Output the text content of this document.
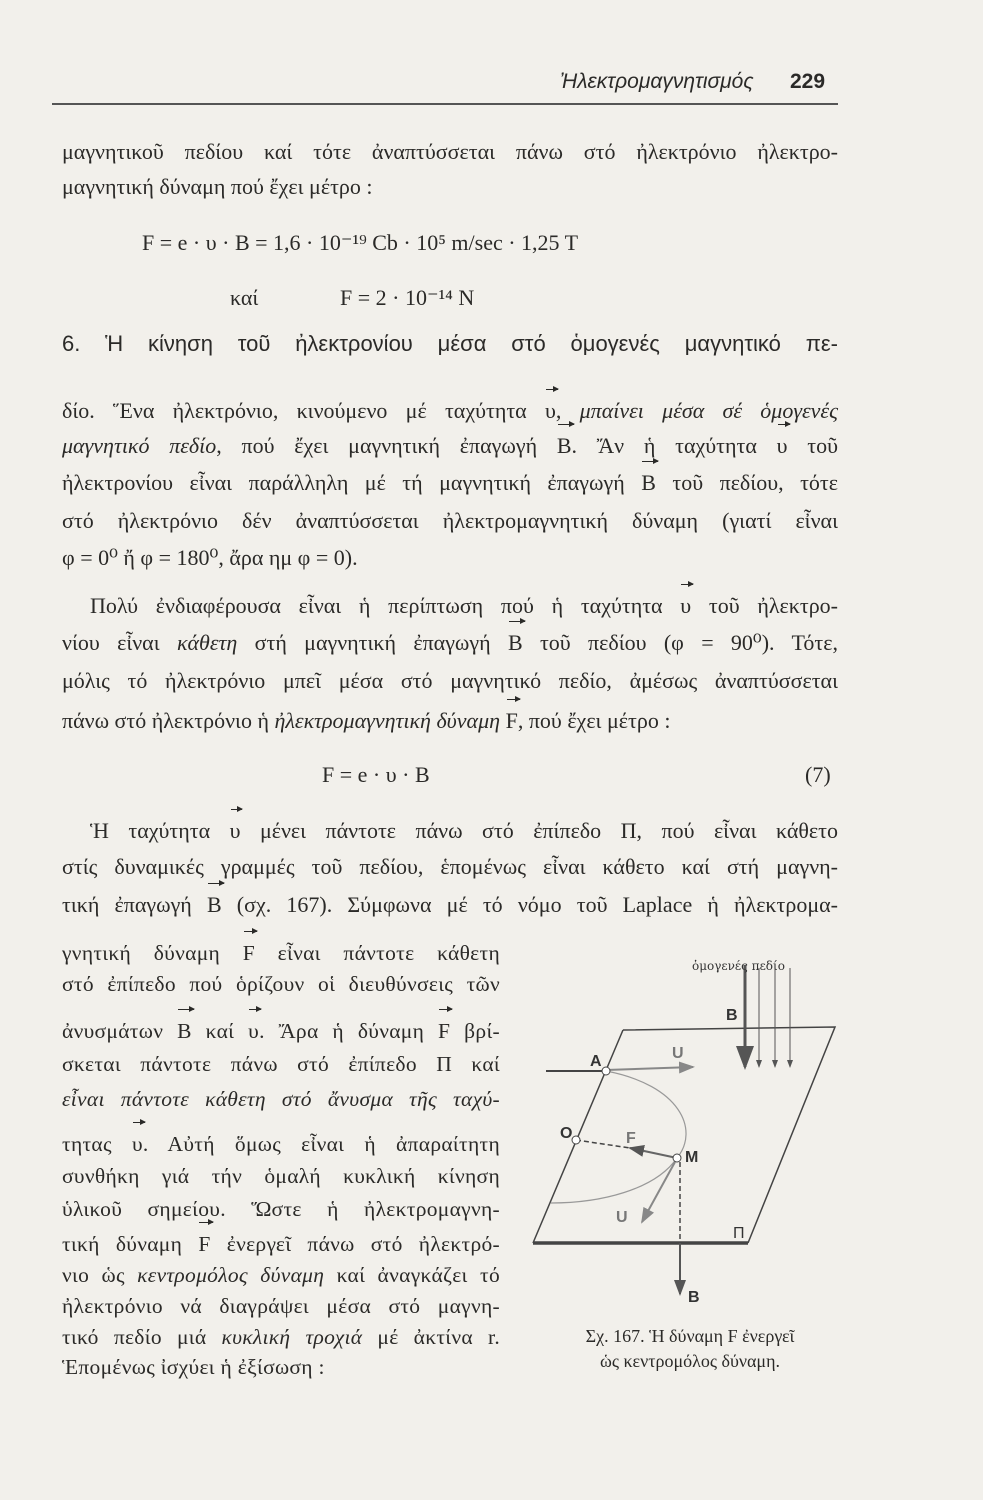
Ἠλεκτρομαγνητισμός 229
μαγνητικοῦ πεδίου καί τότε ἀναπτύσσεται πάνω στό ἠλεκτρόνιο ἠλεκτρο-
μαγνητική δύναμη πού ἔχει μέτρο :
6. Ἡ κίνηση τοῦ ἠλεκτρονίου μέσα στό ὁμογενές μαγνητικό πε-
δίο. Ἕνα ἠλεκτρόνιο, κινούμενο μέ ταχύτητα υ, μπαίνει μέσα σέ ὁμογενές
μαγνητικό πεδίο, πού ἔχει μαγνητική ἐπαγωγή B. Ἄν ἡ ταχύτητα υ τοῦ
ἠλεκτρονίου εἶναι παράλληλη μέ τή μαγνητική ἐπαγωγή B τοῦ πεδίου, τότε
στό ἠλεκτρόνιο δέν ἀναπτύσσεται ἠλεκτρομαγνητική δύναμη (γιατί εἶναι
φ = 0⁰ ἤ φ = 180⁰, ἄρα ημ φ = 0).
Πολύ ἐνδιαφέρουσα εἶναι ἡ περίπτωση πού ἡ ταχύτητα υ τοῦ ἠλεκτρο-
νίου εἶναι κάθετη στή μαγνητική ἐπαγωγή B τοῦ πεδίου (φ = 90⁰). Τότε,
μόλις τό ἠλεκτρόνιο μπεῖ μέσα στό μαγνητικό πεδίο, ἀμέσως ἀναπτύσσεται
πάνω στό ἠλεκτρόνιο ἡ ἠλεκτρομαγνητική δύναμη F, πού ἔχει μέτρο :
Ἡ ταχύτητα υ μένει πάντοτε πάνω στό ἐπίπεδο Π, πού εἶναι κάθετο
στίς δυναμικές γραμμές τοῦ πεδίου, ἑπομένως εἶναι κάθετο καί στή μαγνη-
τική ἐπαγωγή B (σχ. 167). Σύμφωνα μέ τό νόμο τοῦ Laplace ἡ ἠλεκτρομα-
γνητική δύναμη F εἶναι πάντοτε κάθετη
στό ἐπίπεδο πού ὁρίζουν οἱ διευθύνσεις τῶν
ἀνυσμάτων B καί υ. Ἄρα ἡ δύναμη F βρί-
σκεται πάντοτε πάνω στό ἐπίπεδο Π καί
εἶναι πάντοτε κάθετη στό ἄνυσμα τῆς ταχύ-
τητας υ. Αὐτή ὅμως εἶναι ἡ ἀπαραίτητη
συνθήκη γιά τήν ὁμαλή κυκλική κίνηση
ὑλικοῦ σημείου. Ὥστε ἡ ἠλεκτρομαγνη-
τική δύναμη F ἐνεργεῖ πάνω στό ἠλεκτρό-
νιο ὡς κεντρομόλος δύναμη καί ἀναγκάζει τό
ἠλεκτρόνιο νά διαγράψει μέσα στό μαγνη-
τικό πεδίο μιά κυκλική τροχιά μέ ἀκτίνα r.
Ἑπομένως ἰσχύει ἡ ἐξίσωση :
F = e · υ · B = 1,6 · 10⁻¹⁹ Cb · 10⁵ m/sec · 1,25 T
καί	F = 2 · 10⁻¹⁴ N
F = e · υ · B	(7)
ὁμογενές πεδίο
B
A	U
O	F
M
U
Π
B
Σχ. 167. Ἡ δύναμη F ἐνεργεῖ
ὡς κεντρομόλος δύναμη.
